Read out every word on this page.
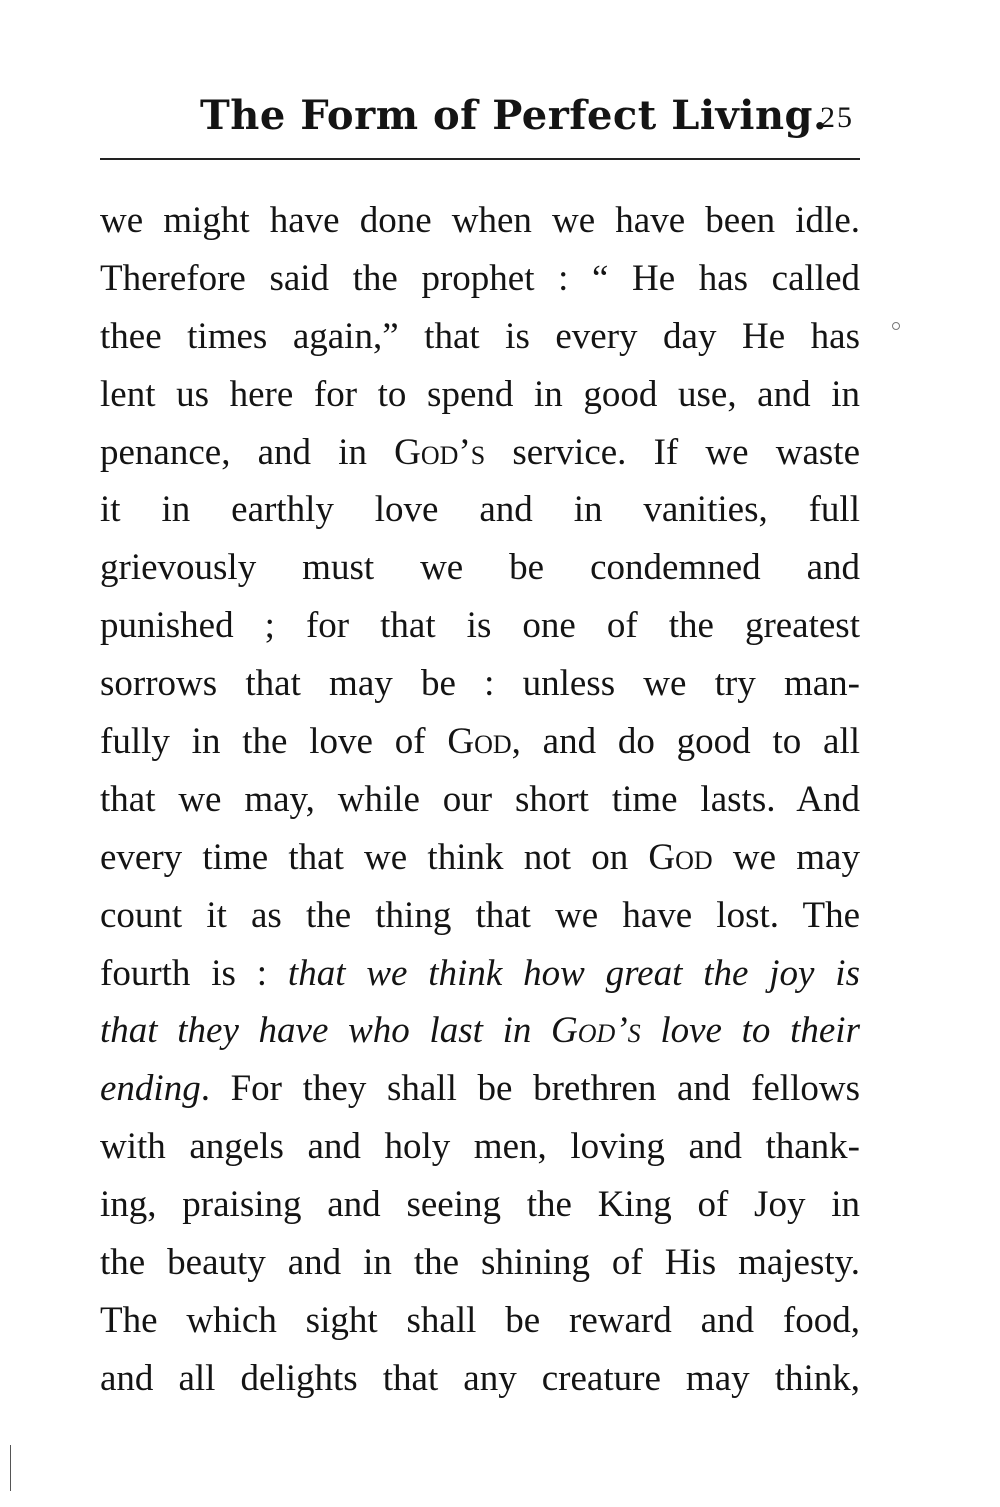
The Form of Perfect Living.
25
we might have done when we have been idle.
Therefore said the prophet : “ He has called
thee times again,” that is every day He has
lent us here for to spend in good use, and in
penance, and in God’s service. If we waste
it in earthly love and in vanities, full
grievously must we be condemned and
punished ; for that is one of the greatest
sorrows that may be : unless we try man-
fully in the love of God, and do good to all
that we may, while our short time lasts. And
every time that we think not on God we may
count it as the thing that we have lost. The
fourth is : that we think how great the joy is
that they have who last in God’s love to their
ending. For they shall be brethren and fellows
with angels and holy men, loving and thank-
ing, praising and seeing the King of Joy in
the beauty and in the shining of His majesty.
The which sight shall be reward and food,
and all delights that any creature may think,
